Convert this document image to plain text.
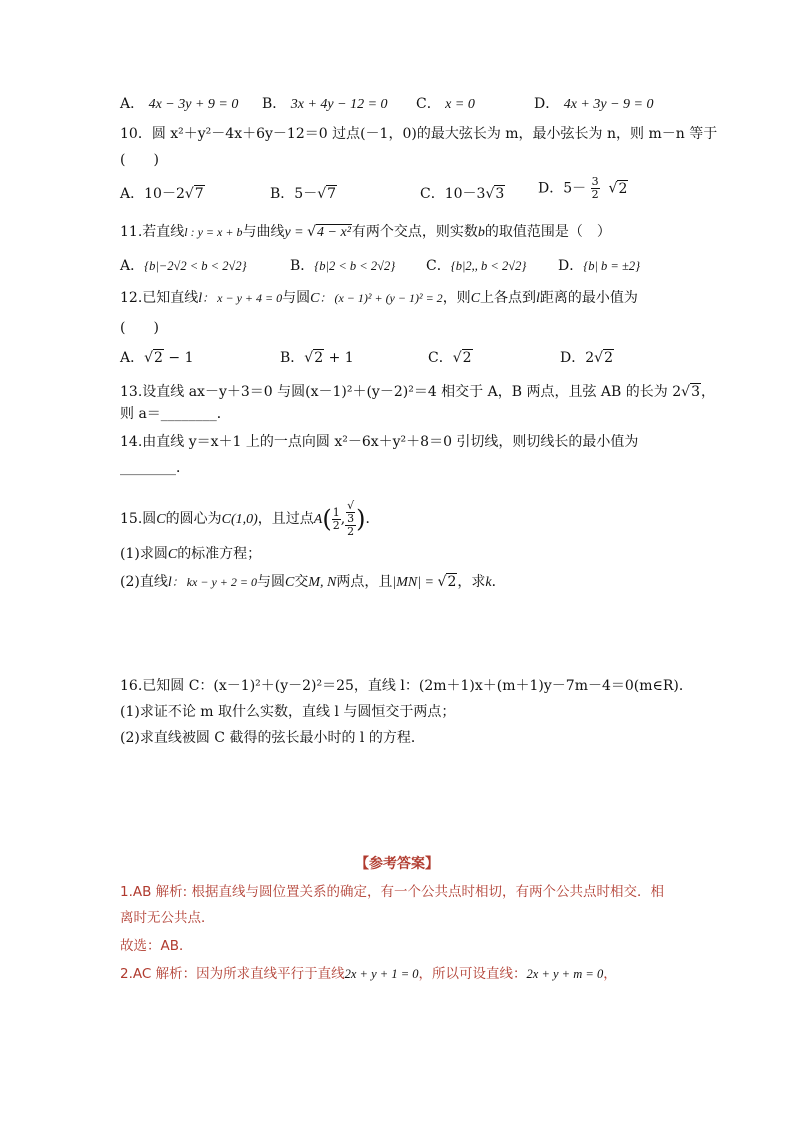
A． 4x − 3y + 9 = 0 B． 3x + 4y − 12 = 0 C． x = 0	D． 4x + 3y − 9 = 0
10．圆 x²＋y²－4x＋6y－12＝0 过点(－1，0)的最大弦长为 m，最小弦长为 n，则 m－n 等于
(　　)
A．10－2√7	B．5－√7	C．10－3√3 D．$5- \frac{3}{2} √2$
11.若直线l : y = x + b与曲线y = √4 − x²有两个交点，则实数b的取值范围是（　）
A．{b|−2√2 < b < 2√2}	B．{b|2 < b < 2√2} C．{b|2,, b < 2√2} D．{b| b = ±2}
12.已知直线l： x − y + 4 = 0与圆C： (x − 1)² + (y − 1)² = 2，则C上各点到l距离的最小值为
(　　)
A．√2 − 1	B．√2 + 1	C．√2	D．2√2
13.设直线 ax－y＋3＝0 与圆(x－1)²＋(y－2)²＝4 相交于 A，B 两点，且弦 AB 的长为 2√3，
则 a＝________．
14.由直线 y＝x＋1 上的一点向圆 x²－6x＋y²＋8＝0 引切线，则切线长的最小值为
________．
15.圆C的圆心为C(1,0)，且过点$A( \frac{1}{2}$ , √
3
2 )．
(1)求圆C的标准方程；
(2)直线l： kx − y + 2 = 0与圆C交M, N两点，且|MN| = √2，求k．
16.已知圆 C：(x－1)²＋(y－2)²＝25，直线 l：(2m＋1)x＋(m＋1)y－7m－4＝0(m∈R)．
(1)求证不论 m 取什么实数，直线 l 与圆恒交于两点；
(2)求直线被圆 C 截得的弦长最小时的 l 的方程．
【参考答案】
1.AB 解析: 根据直线与圆位置关系的确定，有一个公共点时相切，有两个公共点时相交．相
离时无公共点．
故选：AB．
2.AC 解析：因为所求直线平行于直线2x + y + 1 = 0，所以可设直线：2x + y + m = 0，
